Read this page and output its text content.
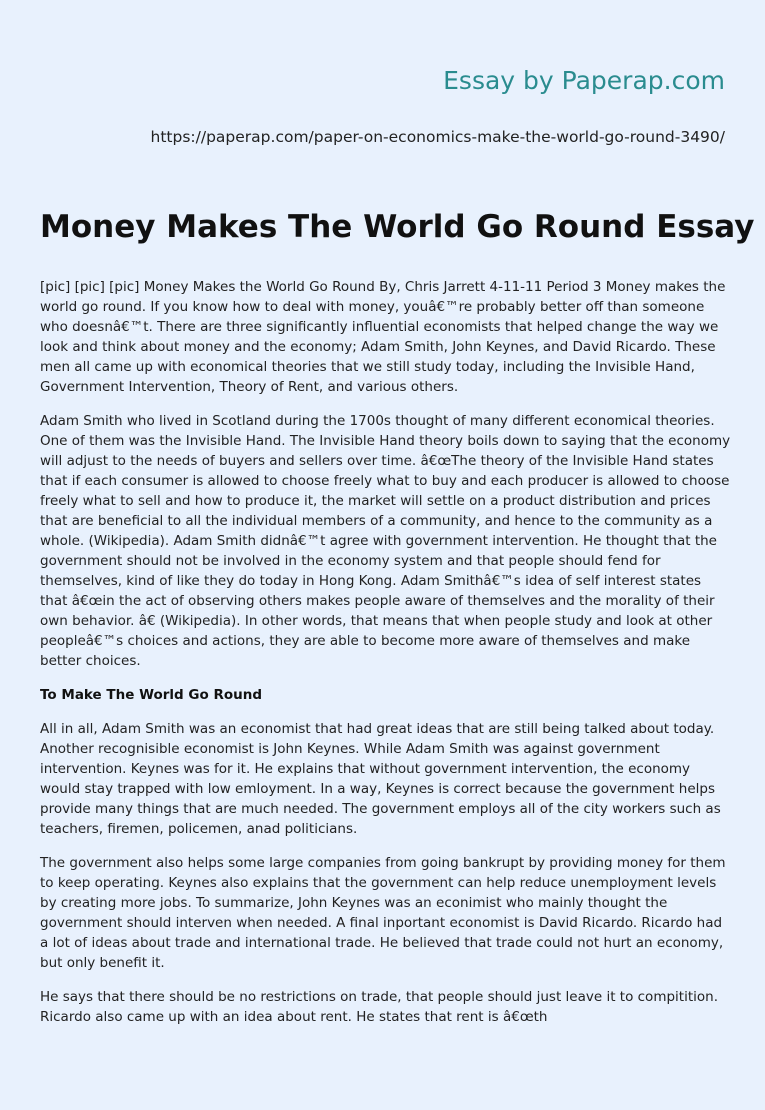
Essay by Paperap.com
https://paperap.com/paper-on-economics-make-the-world-go-round-3490/
Money Makes The World Go Round Essay

[pic] [pic] [pic] Money Makes the World Go Round By, Chris Jarrett 4-11-11 Period 3 Money makes the world go round. If you know how to deal with money, youâ€™re probably better off than someone who doesnâ€™t. There are three significantly influential economists that helped change the way we look and think about money and the economy; Adam Smith, John Keynes, and David Ricardo. These men all came up with economical theories that we still study today, including the Invisible Hand, Government Intervention, Theory of Rent, and various others.

Adam Smith who lived in Scotland during the 1700s thought of many different economical theories. One of them was the Invisible Hand. The Invisible Hand theory boils down to saying that the economy will adjust to the needs of buyers and sellers over time. â€œThe theory of the Invisible Hand states that if each consumer is allowed to choose freely what to buy and each producer is allowed to choose freely what to sell and how to produce it, the market will settle on a product distribution and prices that are beneficial to all the individual members of a community, and hence to the community as a whole. (Wikipedia). Adam Smith didnâ€™t agree with government intervention. He thought that the government should not be involved in the economy system and that people should fend for themselves, kind of like they do today in Hong Kong. Adam Smithâ€™s idea of self interest states that â€œin the act of observing others makes people aware of themselves and the morality of their own behavior. â€ (Wikipedia). In other words, that means that when people study and look at other peopleâ€™s choices and actions, they are able to become more aware of themselves and make better choices.

To Make The World Go Round

All in all, Adam Smith was an economist that had great ideas that are still being talked about today. Another recognisible economist is John Keynes. While Adam Smith was against government intervention. Keynes was for it. He explains that without government intervention, the economy would stay trapped with low emloyment. In a way, Keynes is correct because the government helps provide many things that are much needed. The government employs all of the city workers such as teachers, firemen, policemen, anad politicians.

The government also helps some large companies from going bankrupt by providing money for them to keep operating. Keynes also explains that the government can help reduce unemployment levels by creating more jobs. To summarize, John Keynes was an econimist who mainly thought the government should interven when needed. A final inportant economist is David Ricardo. Ricardo had a lot of ideas about trade and international trade. He believed that trade could not hurt an economy, but only benefit it.

He says that there should be no restrictions on trade, that people should just leave it to compitition. Ricardo also came up with an idea about rent. He states that rent is â€œth
